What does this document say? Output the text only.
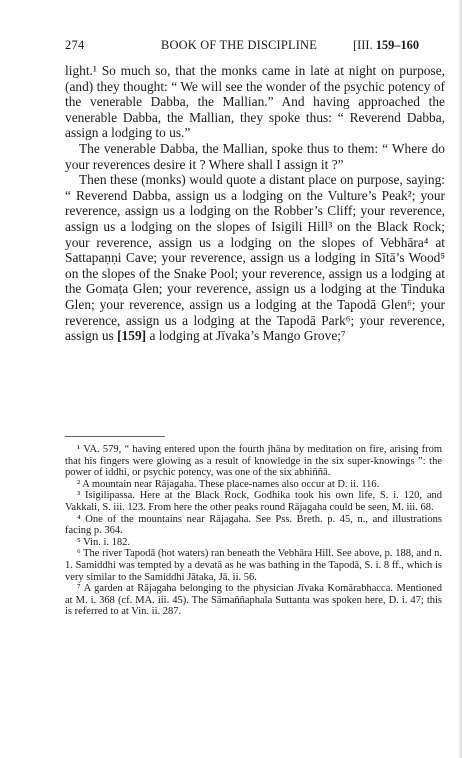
274	BOOK OF THE DISCIPLINE	[III. 159–160

light.¹ So much so, that the monks came in late at night on purpose, (and) they thought: “ We will see the wonder of the psychic potency of the venerable Dabba, the Mallian.” And having approached the venerable Dabba, the Mallian, they spoke thus: “ Reverend Dabba, assign a lodging to us.”

The venerable Dabba, the Mallian, spoke thus to them: “ Where do your reverences desire it ? Where shall I assign it ?”

Then these (monks) would quote a distant place on purpose, saying: “ Reverend Dabba, assign us a lodging on the Vulture’s Peak²; your reverence, assign us a lodging on the Robber’s Cliff; your reverence, assign us a lodging on the slopes of Isigili Hill³ on the Black Rock; your reverence, assign us a lodging on the slopes of Vebhāra⁴ at Sattapaṇṇi Cave; your reverence, assign us a lodging in Sītā’s Wood⁵ on the slopes of the Snake Pool; your reverence, assign us a lodging at the Gomaṭa Glen; your reverence, assign us a lodging at the Tinduka Glen; your reverence, assign us a lodging at the Tapodā Glen⁶; your reverence, assign us a lodging at the Tapodā Park⁶; your reverence, assign us [159] a lodging at Jīvaka’s Mango Grove;⁷

¹ VA. 579, “ having entered upon the fourth jhāna by meditation on fire, arising from that his fingers were glowing as a result of knowledge in the six super-knowings ”: the power of iddhi, or psychic potency, was one of the six abhiññā.

² A mountain near Rājagaha. These place-names also occur at D. ii. 116.

³ Isigilipassa. Here at the Black Rock, Godhika took his own life, S. i. 120, and Vakkali, S. iii. 123. From here the other peaks round Rājagaha could be seen, M. iii. 68.

⁴ One of the mountains near Rājagaha. See Pss. Breth. p. 45, n., and illustrations facing p. 364.

⁵ Vin. i. 182.

⁶ The river Tapodā (hot waters) ran beneath the Vebhāra Hill. See above, p. 188, and n. 1. Samiddhi was tempted by a devatā as he was bathing in the Tapodā, S. i. 8 ff., which is very similar to the Samiddhi Jātaka, Jā. ii. 56.

⁷ A garden at Rājagaha belonging to the physician Jīvaka Komārabhacca. Mentioned at M. i. 368 (cf. MA. iii. 45). The Sāmaññaphala Suttanta was spoken here, D. i. 47; this is referred to at Vin. ii. 287.
